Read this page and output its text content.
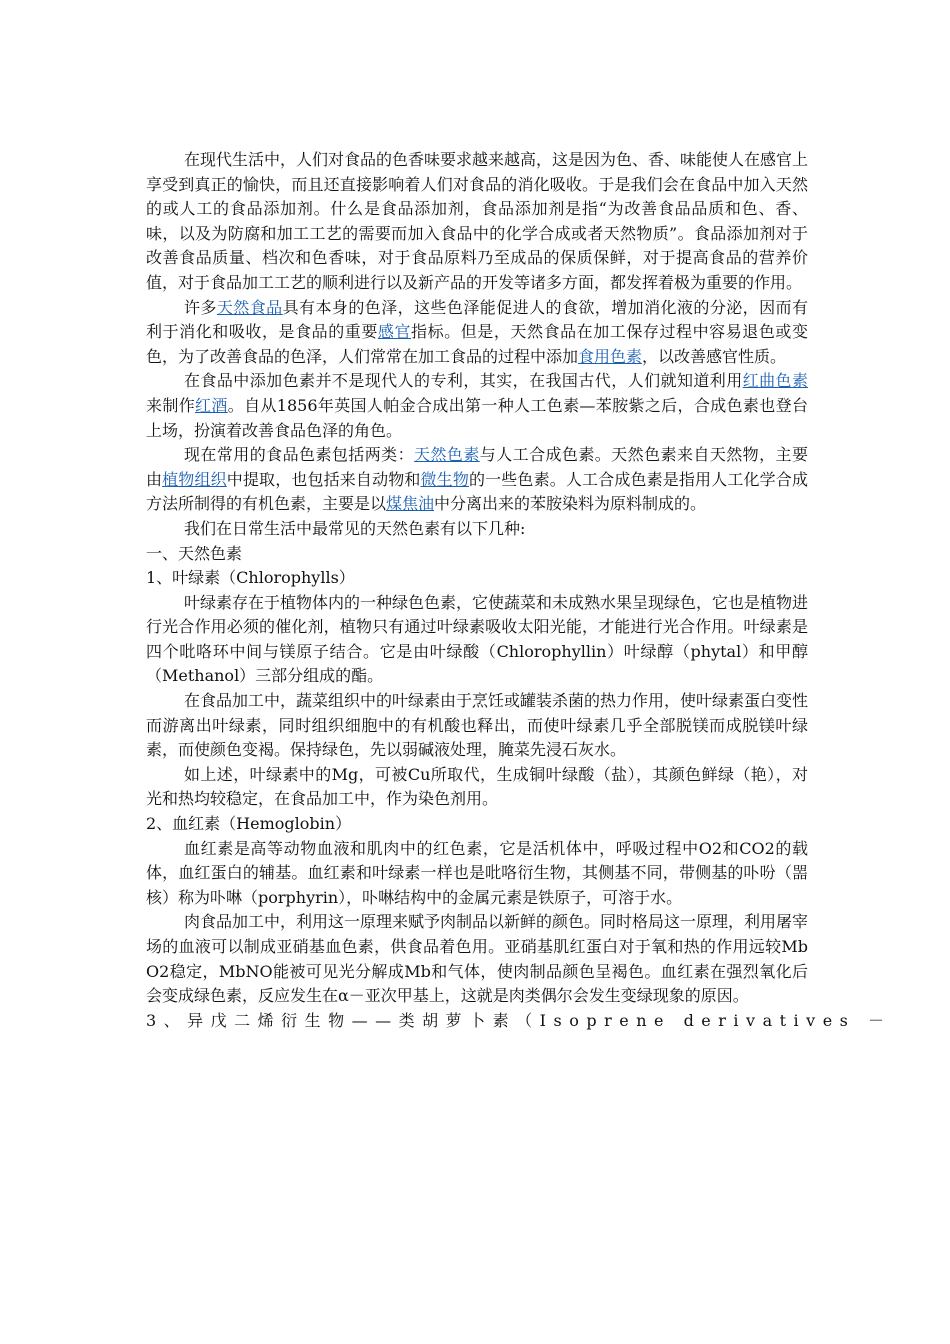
在现代生活中，人们对食品的色香味要求越来越高，这是因为色、香、味能使人在感官上享受到真正的愉快，而且还直接影响着人们对食品的消化吸收。于是我们会在食品中加入天然的或人工的食品添加剂。什么是食品添加剂，食品添加剂是指“为改善食品品质和色、香、味，以及为防腐和加工工艺的需要而加入食品中的化学合成或者天然物质”。食品添加剂对于改善食品质量、档次和色香味，对于食品原料乃至成品的保质保鲜，对于提高食品的营养价值，对于食品加工工艺的顺利进行以及新产品的开发等诸多方面，都发挥着极为重要的作用。

许多天然食品具有本身的色泽，这些色泽能促进人的食欲，增加消化液的分泌，因而有利于消化和吸收，是食品的重要感官指标。但是，天然食品在加工保存过程中容易退色或变色，为了改善食品的色泽，人们常常在加工食品的过程中添加食用色素，以改善感官性质。

在食品中添加色素并不是现代人的专利，其实，在我国古代，人们就知道利用红曲色素来制作红酒。自从1856年英国人帕金合成出第一种人工色素—苯胺紫之后，合成色素也登台上场，扮演着改善食品色泽的角色。

现在常用的食品色素包括两类：天然色素与人工合成色素。天然色素来自天然物，主要由植物组织中提取，也包括来自动物和微生物的一些色素。人工合成色素是指用人工化学合成方法所制得的有机色素，主要是以煤焦油中分离出来的苯胺染料为原料制成的。

我们在日常生活中最常见的天然色素有以下几种:

一、天然色素

1、叶绿素（Chlorophylls）

叶绿素存在于植物体内的一种绿色色素，它使蔬菜和未成熟水果呈现绿色，它也是植物进行光合作用必须的催化剂，植物只有通过叶绿素吸收太阳光能，才能进行光合作用。叶绿素是四个吡咯环中间与镁原子结合。它是由叶绿酸（Chlorophyllin）叶绿醇（phytal）和甲醇（Methanol）三部分组成的酯。

在食品加工中，蔬菜组织中的叶绿素由于烹饪或罐装杀菌的热力作用，使叶绿素蛋白变性而游离出叶绿素，同时组织细胞中的有机酸也释出，而使叶绿素几乎全部脱镁而成脱镁叶绿素，而使颜色变褐。保持绿色，先以弱碱液处理，腌菜先浸石灰水。

如上述，叶绿素中的Mg，可被Cu所取代，生成铜叶绿酸（盐），其颜色鲜绿（艳），对光和热均较稳定，在食品加工中，作为染色剂用。

2、血红素（Hemoglobin）

血红素是高等动物血液和肌肉中的红色素，它是活机体中，呼吸过程中O2和CO2的载体，血红蛋白的辅基。血红素和叶绿素一样也是吡咯衍生物，其侧基不同，带侧基的卟吩（噐核）称为卟啉（porphyrin），卟啉结构中的金属元素是铁原子，可溶于水。

肉食品加工中，利用这一原理来赋予肉制品以新鲜的颜色。同时格局这一原理，利用屠宰场的血液可以制成亚硝基血色素，供食品着色用。亚硝基肌红蛋白对于氧和热的作用远较MbO2稳定，MbNO能被可见光分解成Mb和气体，使肉制品颜色呈褐色。血红素在强烈氧化后会变成绿色素，反应发生在α－亚次甲基上，这就是肉类偶尔会发生变绿现象的原因。

3、异戊二烯衍生物——类胡萝卜素（Isoprene derivatives －
